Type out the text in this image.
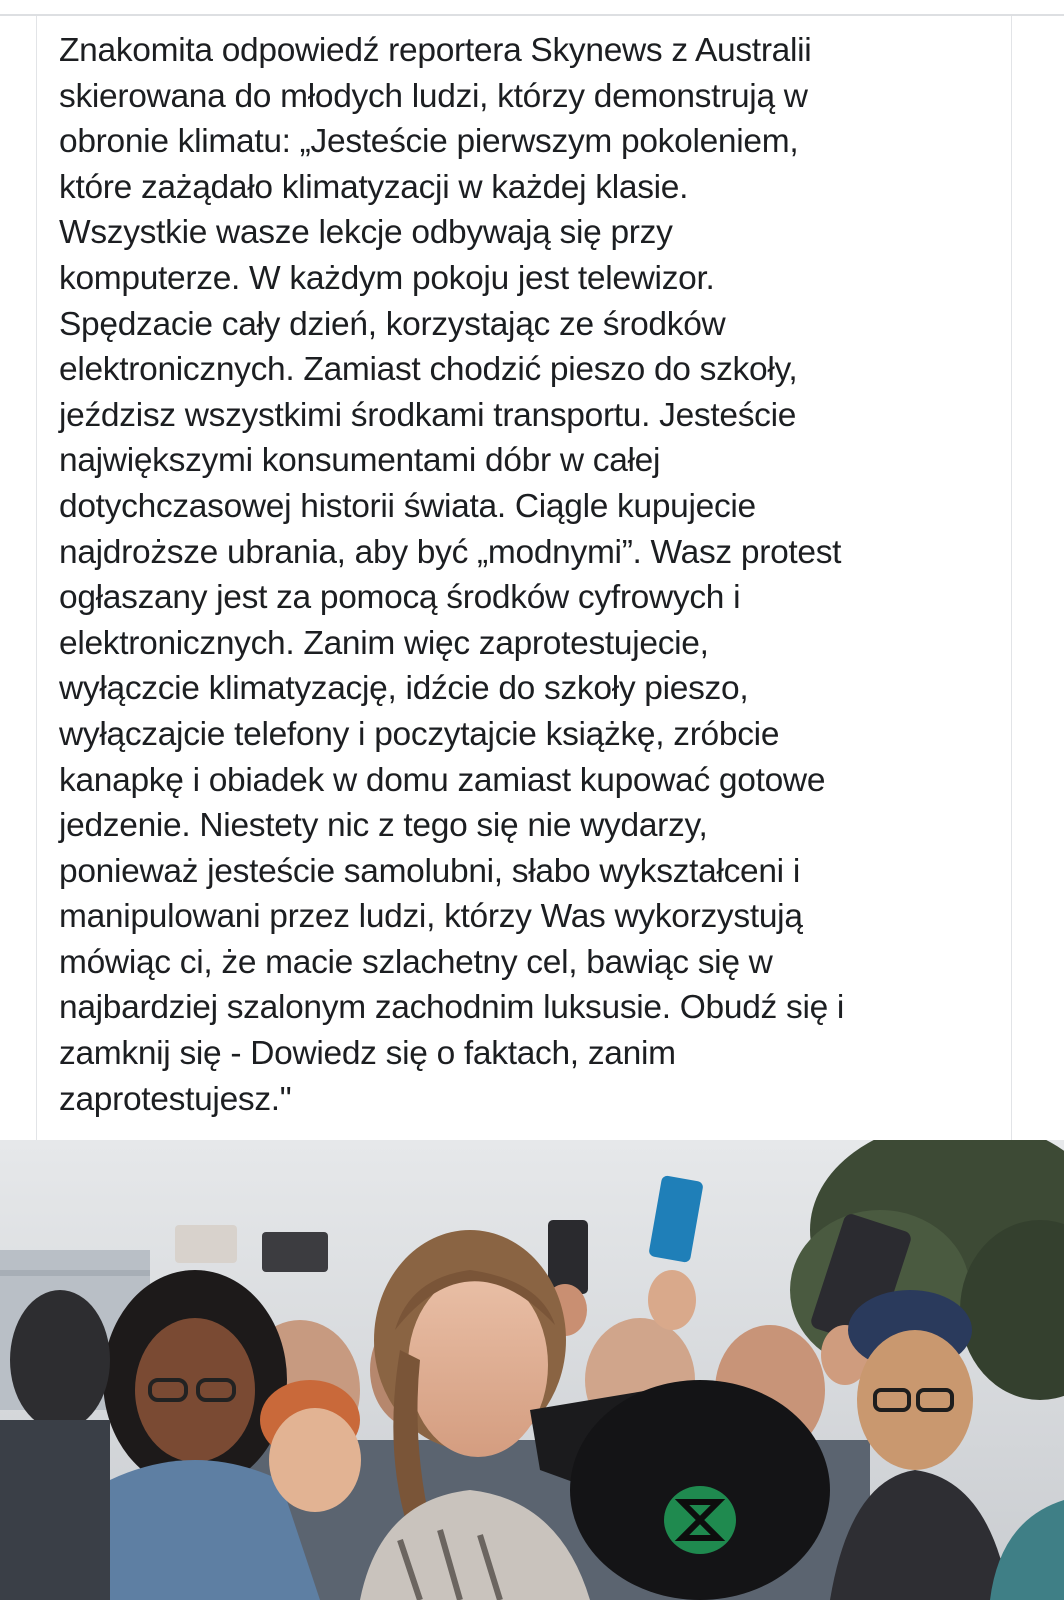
Znakomita odpowiedź reportera Skynews z Australii
skierowana do młodych ludzi, którzy demonstrują w
obronie klimatu: „Jesteście pierwszym pokoleniem,
które zażądało klimatyzacji w każdej klasie.
Wszystkie wasze lekcje odbywają się przy
komputerze. W każdym pokoju jest telewizor.
Spędzacie cały dzień, korzystając ze środków
elektronicznych. Zamiast chodzić pieszo do szkoły,
jeździsz wszystkimi środkami transportu. Jesteście
największymi konsumentami dóbr w całej
dotychczasowej historii świata. Ciągle kupujecie
najdroższe ubrania, aby być „modnymi”. Wasz protest
ogłaszany jest za pomocą środków cyfrowych i
elektronicznych. Zanim więc zaprotestujecie,
wyłączcie klimatyzację, idźcie do szkoły pieszo,
wyłączajcie telefony i poczytajcie książkę, zróbcie
kanapkę i obiadek w domu zamiast kupować gotowe
jedzenie. Niestety nic z tego się nie wydarzy,
ponieważ jesteście samolubni, słabo wykształceni i
manipulowani przez ludzi, którzy Was wykorzystują
mówiąc ci, że macie szlachetny cel, bawiąc się w
najbardziej szalonym zachodnim luksusie. Obudź się i
zamknij się - Dowiedz się o faktach, zanim
zaprotestujesz."
